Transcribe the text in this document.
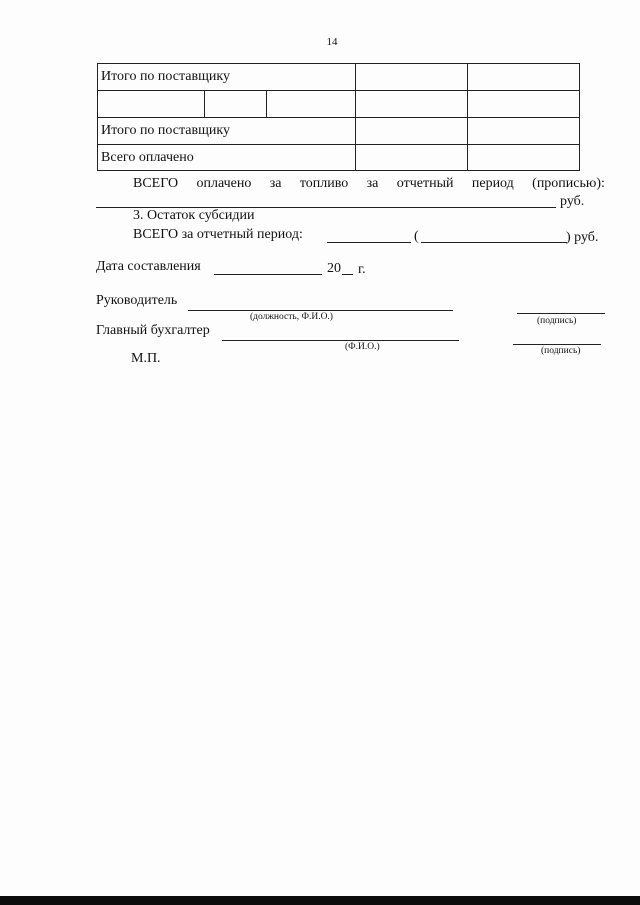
14
Итого по поставщику				

Итого по поставщику				
Всего оплачено				
ВСЕГО оплачено за топливо за отчетный период (прописью):
руб.
3. Остаток субсидии
ВСЕГО за отчетный период:	(	) руб.
Дата составления	20 г.
Руководитель
(должность, Ф.И.О.)	(подпись)
Главный бухгалтер
(Ф.И.О.)	(подпись)
М.П.
